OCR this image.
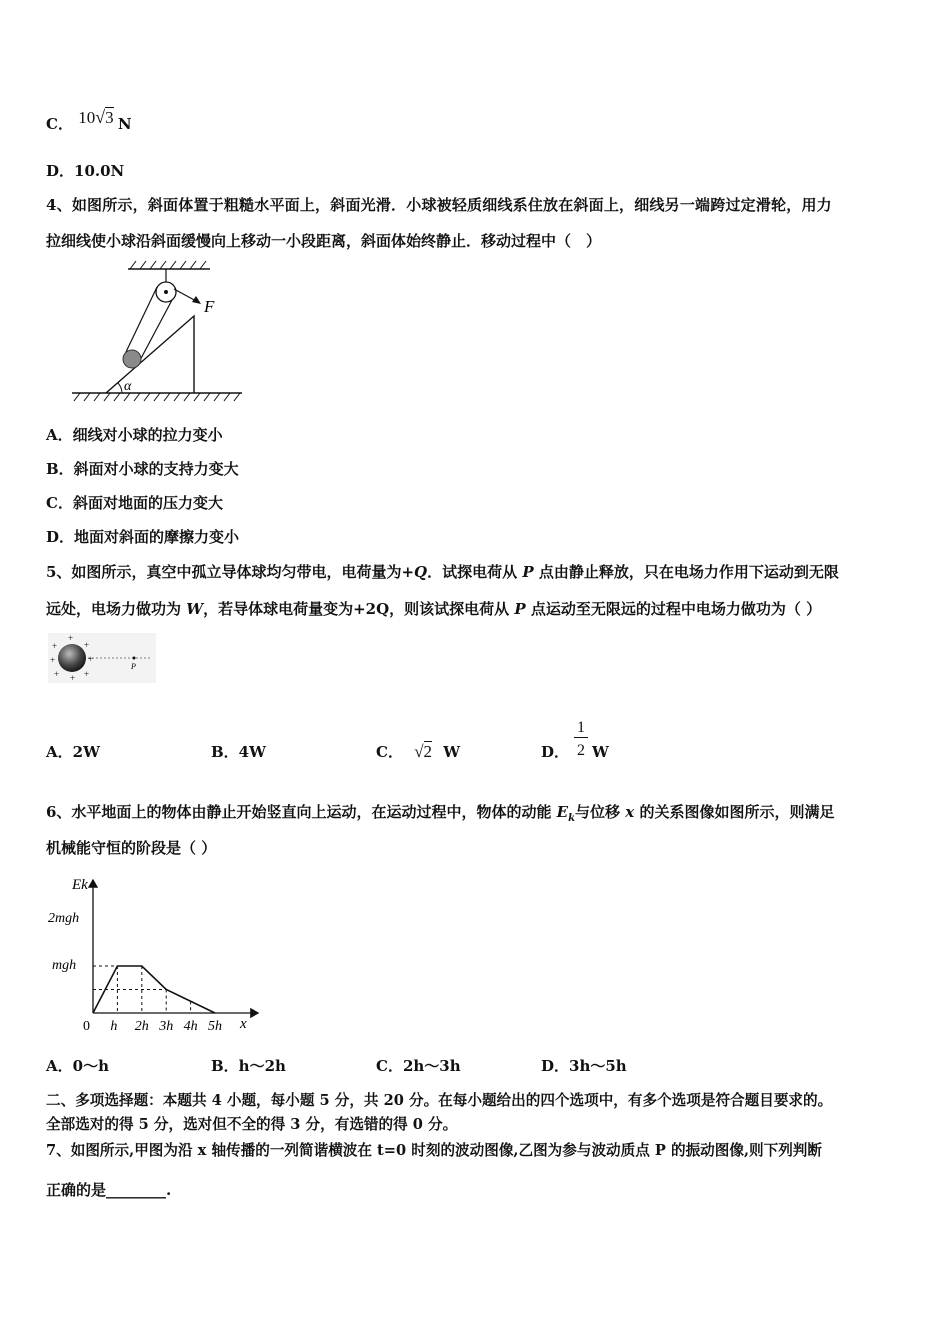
C． 10√3 N
D．10.0N
4、如图所示，斜面体置于粗糙水平面上，斜面光滑．小球被轻质细线系住放在斜面上，细线另一端跨过定滑轮，用力
拉细线使小球沿斜面缓慢向上移动一小段距离，斜面体始终静止．移动过程中（　）
F
α
A．细线对小球的拉力变小
B．斜面对小球的支持力变大
C．斜面对地面的压力变大
D．地面对斜面的摩擦力变小
5、如图所示，真空中孤立导体球均匀带电，电荷量为+Q．试探电荷从 P 点由静止释放，只在电场力作用下运动到无限
远处，电场力做功为 W，若导体球电荷量变为+2Q，则该试探电荷从 P 点运动至无限远的过程中电场力做功为（ ）
+
+	+
+	+
+ + +
P
A．2W	B．4W	C． √2 W	D．
1
2 W
6、水平地面上的物体由静止开始竖直向上运动，在运动过程中，物体的动能 $E_k$与位移 x 的关系图像如图所示，则满足
机械能守恒的阶段是（ ）
Ek
x
2mgh
mgh
0 h 2h 3h 4h 5h
A．0～h	B．h～2h	C．2h～3h	D．3h～5h
二、多项选择题：本题共 4 小题，每小题 5 分，共 20 分。在每小题给出的四个选项中，有多个选项是符合题目要求的。
全部选对的得 5 分，选对但不全的得 3 分，有选错的得 0 分。
7、如图所示,甲图为沿 x 轴传播的一列简谐横波在 t=0 时刻的波动图像,乙图为参与波动质点 P 的振动图像,则下列判断
正确的是________.
